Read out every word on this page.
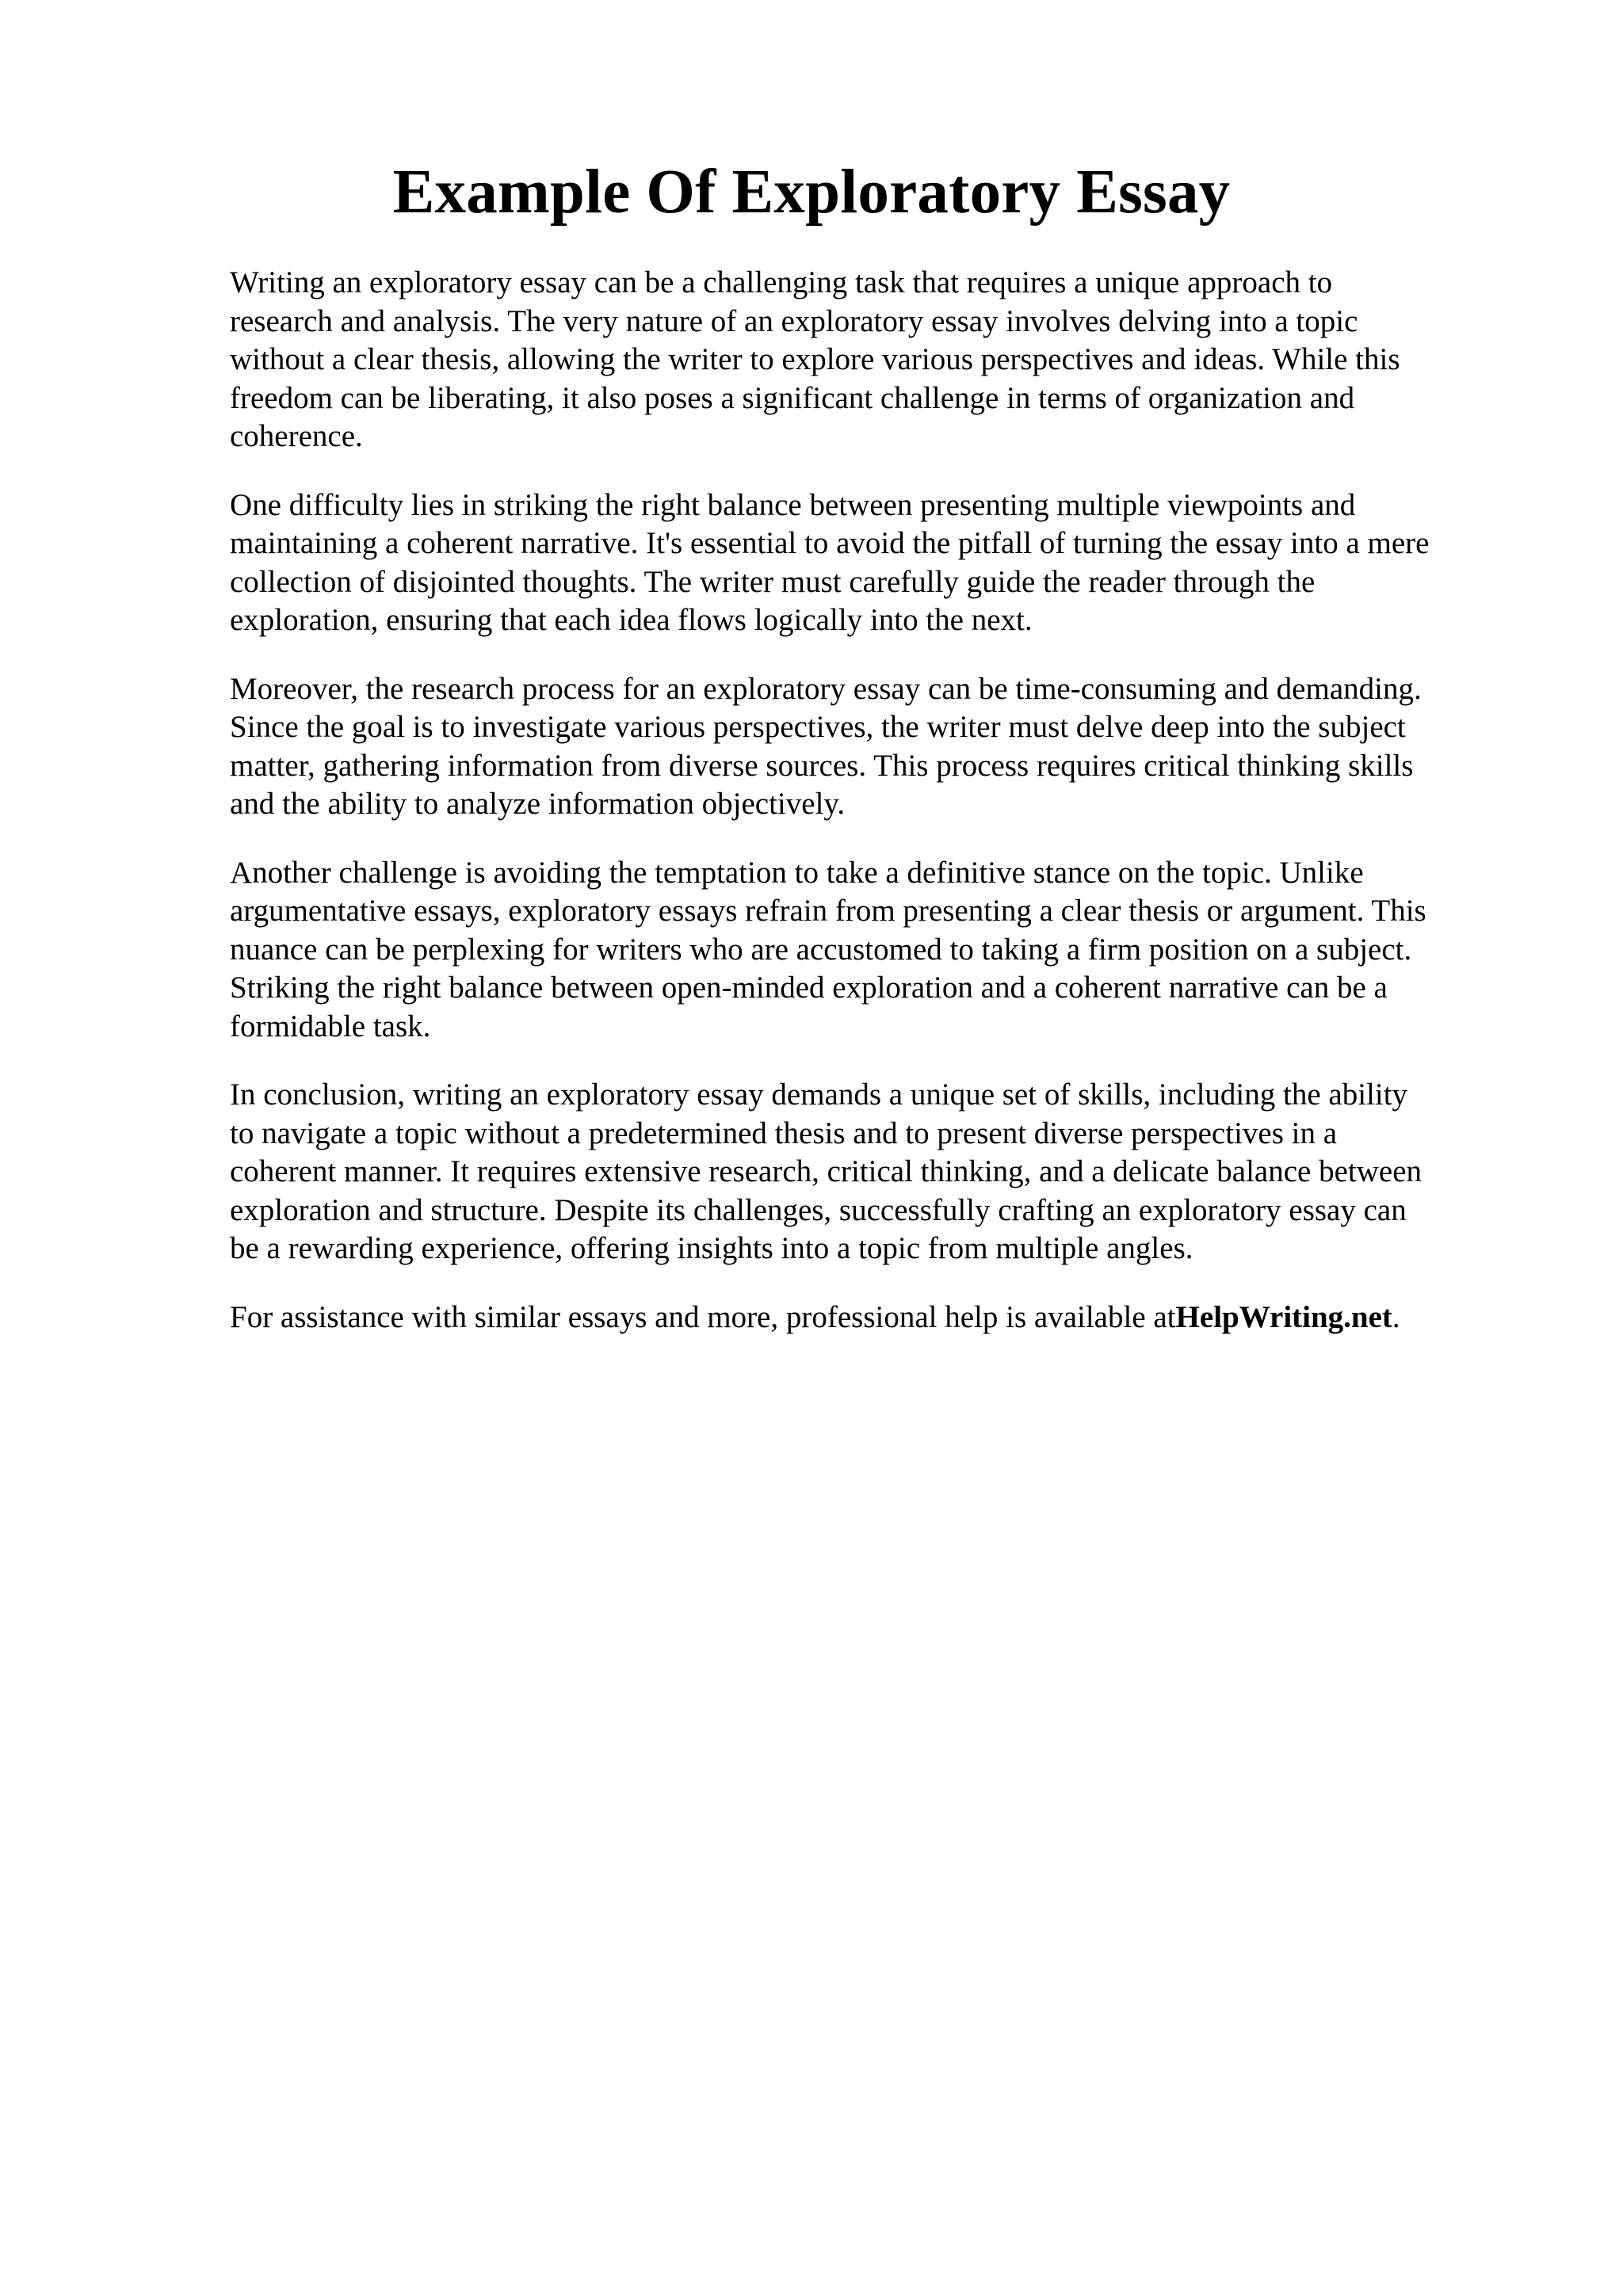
Example Of Exploratory Essay

Writing an exploratory essay can be a challenging task that requires a unique approach to
research and analysis. The very nature of an exploratory essay involves delving into a topic
without a clear thesis, allowing the writer to explore various perspectives and ideas. While this
freedom can be liberating, it also poses a significant challenge in terms of organization and
coherence.

One difficulty lies in striking the right balance between presenting multiple viewpoints and
maintaining a coherent narrative. It's essential to avoid the pitfall of turning the essay into a mere
collection of disjointed thoughts. The writer must carefully guide the reader through the
exploration, ensuring that each idea flows logically into the next.

Moreover, the research process for an exploratory essay can be time-consuming and demanding.
Since the goal is to investigate various perspectives, the writer must delve deep into the subject
matter, gathering information from diverse sources. This process requires critical thinking skills
and the ability to analyze information objectively.

Another challenge is avoiding the temptation to take a definitive stance on the topic. Unlike
argumentative essays, exploratory essays refrain from presenting a clear thesis or argument. This
nuance can be perplexing for writers who are accustomed to taking a firm position on a subject.
Striking the right balance between open-minded exploration and a coherent narrative can be a
formidable task.

In conclusion, writing an exploratory essay demands a unique set of skills, including the ability
to navigate a topic without a predetermined thesis and to present diverse perspectives in a
coherent manner. It requires extensive research, critical thinking, and a delicate balance between
exploration and structure. Despite its challenges, successfully crafting an exploratory essay can
be a rewarding experience, offering insights into a topic from multiple angles.

For assistance with similar essays and more, professional help is available atHelpWriting.net.
